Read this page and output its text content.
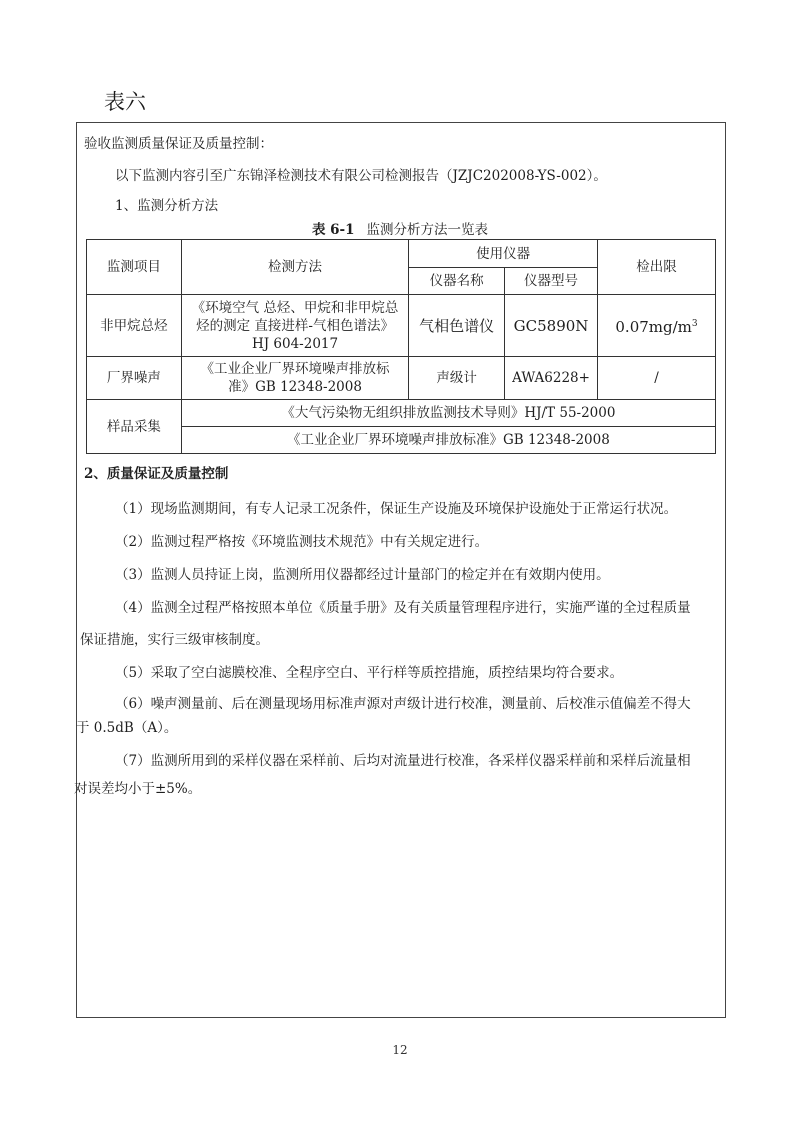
表六
验收监测质量保证及质量控制：
以下监测内容引至广东锦泽检测技术有限公司检测报告（JZJC202008-YS-002）。
1、监测分析方法
表 6-1 监测分析方法一览表
监测项目	检测方法	使用仪器		检出限
		仪器名称	仪器型号	
非甲烷总烃	《环境空气 总烃、甲烷和非甲烷总
烃的测定 直接进样-气相色谱法》
HJ 604-2017	气相色谱仪	GC5890N	$0.07mg/m^3$
厂界噪声	《工业企业厂界环境噪声排放标
准》GB 12348-2008	声级计	AWA6228+	/
样品采集	《大气污染物无组织排放监测技术导则》HJ/T 55-2000			
	《工业企业厂界环境噪声排放标准》GB 12348-2008			
2、质量保证及质量控制
（1）现场监测期间，有专人记录工况条件，保证生产设施及环境保护设施处于正常运行状况。
（2）监测过程严格按《环境监测技术规范》中有关规定进行。
（3）监测人员持证上岗，监测所用仪器都经过计量部门的检定并在有效期内使用。
（4）监测全过程严格按照本单位《质量手册》及有关质量管理程序进行，实施严谨的全过程质量
保证措施，实行三级审核制度。
（5）采取了空白滤膜校准、全程序空白、平行样等质控措施，质控结果均符合要求。
（6）噪声测量前、后在测量现场用标准声源对声级计进行校准，测量前、后校准示值偏差不得大
于 0.5dB（A）。
（7）监测所用到的采样仪器在采样前、后均对流量进行校准，各采样仪器采样前和采样后流量相
对误差均小于±5%。
12
